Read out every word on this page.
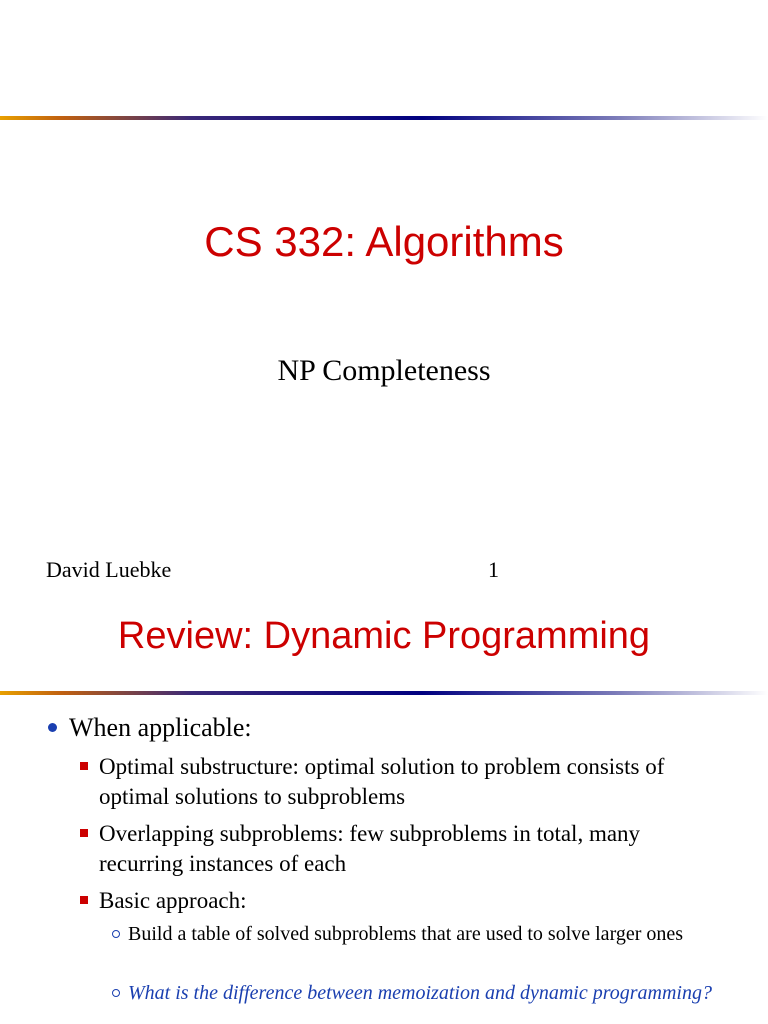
CS 332: Algorithms
NP Completeness
David Luebke	1
Review: Dynamic Programming
When applicable:
Optimal substructure: optimal solution to problem consists of optimal solutions to subproblems
Overlapping subproblems: few subproblems in total, many recurring instances of each
Basic approach:
Build a table of solved subproblems that are used to solve larger ones
What is the difference between memoization and dynamic programming?
